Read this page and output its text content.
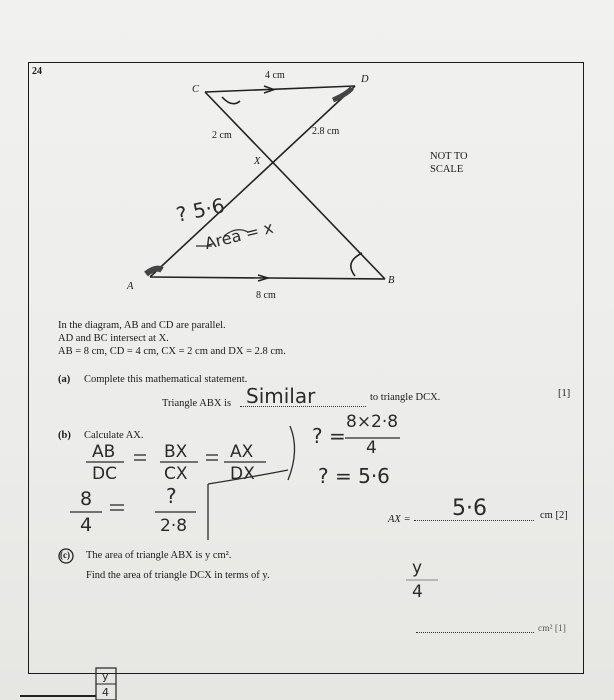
24
C
D
X
A
B
4 cm
2 cm	2.8 cm
8 cm
NOT TO
SCALE
? 5·6
Area = x
In the diagram, AB and CD are parallel.
AD and BC intersect at X.
AB = 8 cm, CD = 4 cm, CX = 2 cm and DX = 2.8 cm.
(a) Complete this mathematical statement.
Triangle ABX is Similar	to triangle DCX.	[1]
(b) Calculate AX.
AB
DC
BX
CX
AX
DX
8
4
?
2·8
? =
8×2·8
4
? = 5·6
AX = 5·6	cm [2]
(c) The area of triangle ABX is y cm².
Find the area of triangle DCX in terms of y.	y
4
cm² [1]
y
4
